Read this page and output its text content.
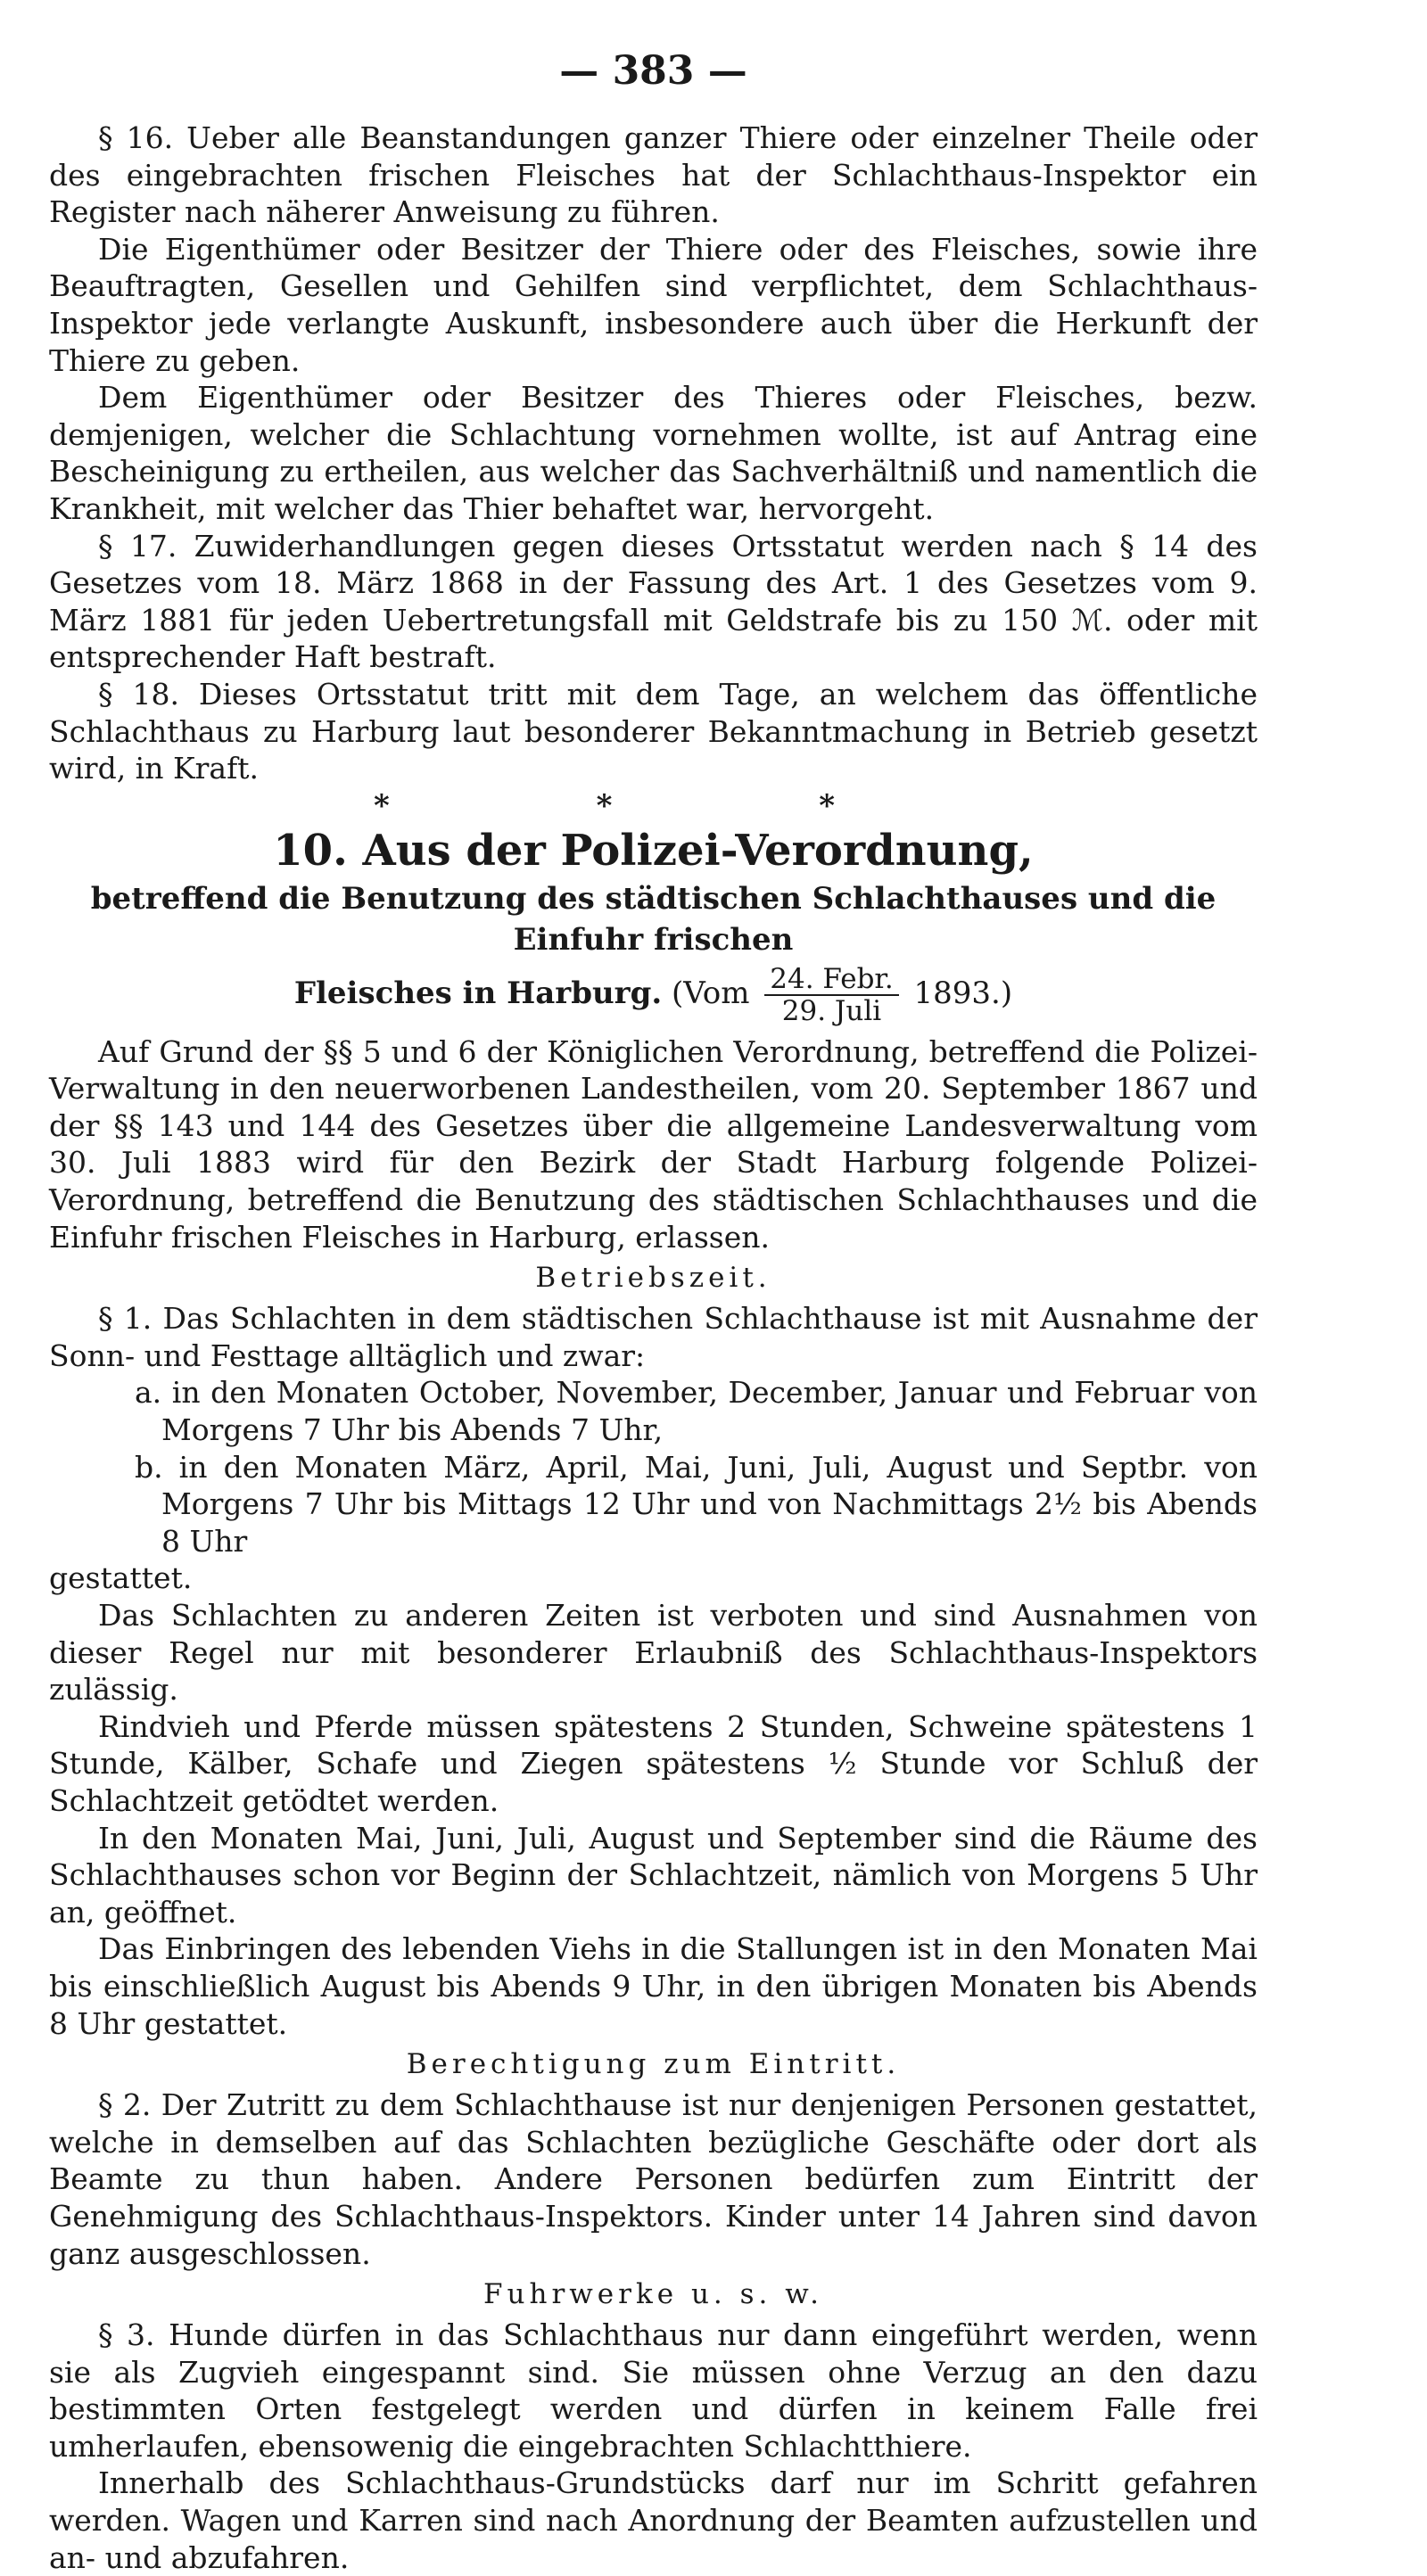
— 383 —

§ 16. Ueber alle Beanstandungen ganzer Thiere oder einzelner Theile oder des eingebrachten frischen Fleisches hat der Schlachthaus-Inspektor ein Register nach näherer Anweisung zu führen.

Die Eigenthümer oder Besitzer der Thiere oder des Fleisches, sowie ihre Beauftragten, Gesellen und Gehilfen sind verpflichtet, dem Schlachthaus-Inspektor jede verlangte Auskunft, insbesondere auch über die Herkunft der Thiere zu geben.

Dem Eigenthümer oder Besitzer des Thieres oder Fleisches, bezw. demjenigen, welcher die Schlachtung vornehmen wollte, ist auf Antrag eine Bescheinigung zu ertheilen, aus welcher das Sachverhältniß und namentlich die Krankheit, mit welcher das Thier behaftet war, hervorgeht.

§ 17. Zuwiderhandlungen gegen dieses Ortsstatut werden nach § 14 des Gesetzes vom 18. März 1868 in der Fassung des Art. 1 des Gesetzes vom 9. März 1881 für jeden Uebertretungsfall mit Geldstrafe bis zu 150 ℳ. oder mit entsprechender Haft bestraft.

§ 18. Dieses Ortsstatut tritt mit dem Tage, an welchem das öffentliche Schlachthaus zu Harburg laut besonderer Bekanntmachung in Betrieb gesetzt wird, in Kraft.

* * *
10. Aus der Polizei-Verordnung,
betreffend die Benutzung des städtischen Schlachthauses und die Einfuhr frischen
Fleisches in Harburg. $(Vom \frac{\text{24. Febr.}}{\text{29. Juli}} 1893.)$

Auf Grund der §§ 5 und 6 der Königlichen Verordnung, betreffend die Polizei-Verwaltung in den neuerworbenen Landestheilen, vom 20. September 1867 und der §§ 143 und 144 des Gesetzes über die allgemeine Landesverwaltung vom 30. Juli 1883 wird für den Bezirk der Stadt Harburg folgende Polizei-Verordnung, betreffend die Benutzung des städtischen Schlachthauses und die Einfuhr frischen Fleisches in Harburg, erlassen.

Betriebszeit.

§ 1. Das Schlachten in dem städtischen Schlachthause ist mit Ausnahme der Sonn- und Festtage alltäglich und zwar:

a. in den Monaten October, November, December, Januar und Februar von Morgens 7 Uhr bis Abends 7 Uhr,

b. in den Monaten März, April, Mai, Juni, Juli, August und Septbr. von Morgens 7 Uhr bis Mittags 12 Uhr und von Nachmittags 2½ bis Abends 8 Uhr

gestattet.

Das Schlachten zu anderen Zeiten ist verboten und sind Ausnahmen von dieser Regel nur mit besonderer Erlaubniß des Schlachthaus-Inspektors zulässig.

Rindvieh und Pferde müssen spätestens 2 Stunden, Schweine spätestens 1 Stunde, Kälber, Schafe und Ziegen spätestens ½ Stunde vor Schluß der Schlachtzeit getödtet werden.

In den Monaten Mai, Juni, Juli, August und September sind die Räume des Schlachthauses schon vor Beginn der Schlachtzeit, nämlich von Morgens 5 Uhr an, geöffnet.

Das Einbringen des lebenden Viehs in die Stallungen ist in den Monaten Mai bis einschließlich August bis Abends 9 Uhr, in den übrigen Monaten bis Abends 8 Uhr gestattet.

Berechtigung zum Eintritt.

§ 2. Der Zutritt zu dem Schlachthause ist nur denjenigen Personen gestattet, welche in demselben auf das Schlachten bezügliche Geschäfte oder dort als Beamte zu thun haben. Andere Personen bedürfen zum Eintritt der Genehmigung des Schlachthaus-Inspektors. Kinder unter 14 Jahren sind davon ganz ausgeschlossen.

Fuhrwerke u. s. w.

§ 3. Hunde dürfen in das Schlachthaus nur dann eingeführt werden, wenn sie als Zugvieh eingespannt sind. Sie müssen ohne Verzug an den dazu bestimmten Orten festgelegt werden und dürfen in keinem Falle frei umherlaufen, ebensowenig die eingebrachten Schlachtthiere.

Innerhalb des Schlachthaus-Grundstücks darf nur im Schritt gefahren werden. Wagen und Karren sind nach Anordnung der Beamten aufzustellen und an- und abzufahren.
